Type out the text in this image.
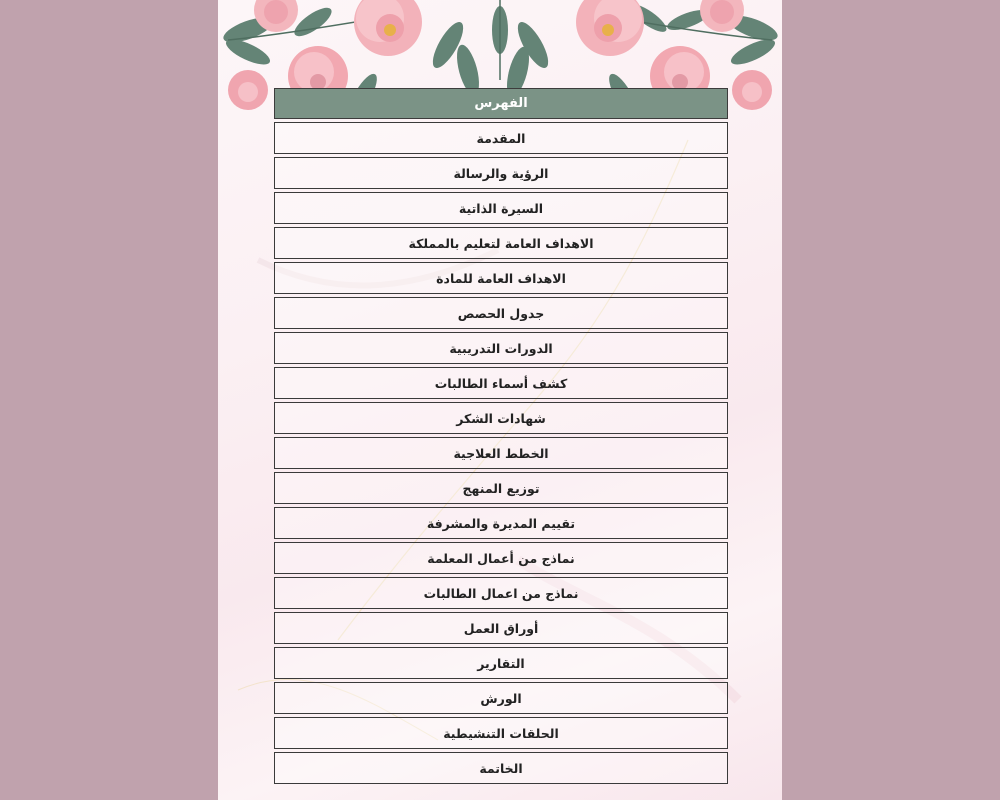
الفهرس
المقدمة
الرؤية والرسالة
السيرة الذاتية
الاهداف العامة لتعليم بالمملكة
الاهداف العامة للمادة
جدول الحصص
الدورات التدريبية
كشف أسماء الطالبات
شهادات الشكر
الخطط العلاجية
توزيع المنهج
تقييم المديرة والمشرفة
نماذج من أعمال المعلمة
نماذج من اعمال الطالبات
أوراق العمل
التقارير
الورش
الحلقات التنشيطية
الخاتمة
